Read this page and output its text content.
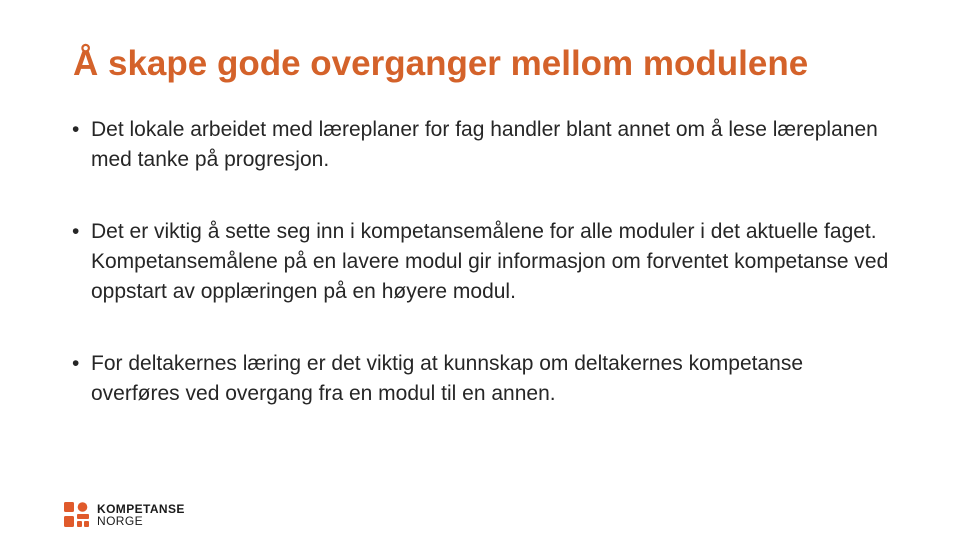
Å skape gode overganger mellom modulene
• Det lokale arbeidet med læreplaner for fag handler blant annet om å lese læreplanen med tanke på progresjon.
• Det er viktig å sette seg inn i kompetansemålene for alle moduler i det aktuelle faget. Kompetansemålene på en lavere modul gir informasjon om forventet kompetanse ved oppstart av opplæringen på en høyere modul.
• For deltakernes læring er det viktig at kunnskap om deltakernes kompetanse overføres ved overgang fra en modul til en annen.
KOMPETANSE
NORGE
